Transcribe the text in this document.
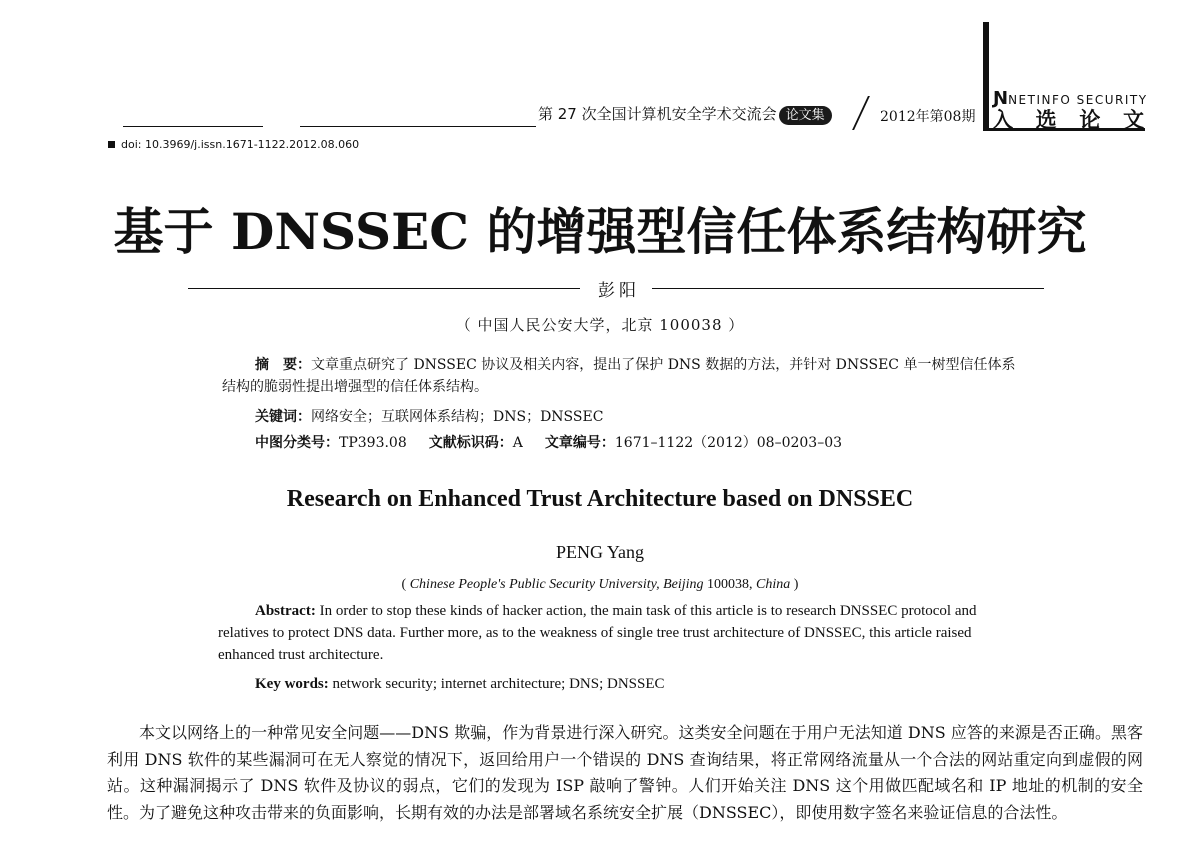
第 27 次全国计算机安全学术交流会 论文集	2012年第08期
ƝNETINFO SECURITY
入 选 论 文
doi: 10.3969/j.issn.1671-1122.2012.08.060
基于 DNSSEC 的增强型信任体系结构研究
彭阳
（ 中国人民公安大学，北京 100038 ）
摘　要：文章重点研究了 DNSSEC 协议及相关内容，提出了保护 DNS 数据的方法，并针对 DNSSEC 单一树型信任体系结构的脆弱性提出增强型的信任体系结构。
关键词：网络安全；互联网体系结构；DNS；DNSSEC
中图分类号：TP393.08 文献标识码：A 文章编号：1671–1122（2012）08–0203–03
Research on Enhanced Trust Architecture based on DNSSEC
PENG Yang
( Chinese People's Public Security University, Beijing 100038, China )
Abstract: In order to stop these kinds of hacker action, the main task of this article is to research DNSSEC protocol and relatives to protect DNS data. Further more, as to the weakness of single tree trust architecture of DNSSEC, this article raised enhanced trust architecture.
Key words: network security; internet architecture; DNS; DNSSEC
本文以网络上的一种常见安全问题——DNS 欺骗，作为背景进行深入研究。这类安全问题在于用户无法知道 DNS 应答的来源是否正确。黑客利用 DNS 软件的某些漏洞可在无人察觉的情况下，返回给用户一个错误的 DNS 查询结果，将正常网络流量从一个合法的网站重定向到虚假的网站。这种漏洞揭示了 DNS 软件及协议的弱点，它们的发现为 ISP 敲响了警钟。人们开始关注 DNS 这个用做匹配域名和 IP 地址的机制的安全性。为了避免这种攻击带来的负面影响，长期有效的办法是部署域名系统安全扩展（DNSSEC），即使用数字签名来验证信息的合法性。
